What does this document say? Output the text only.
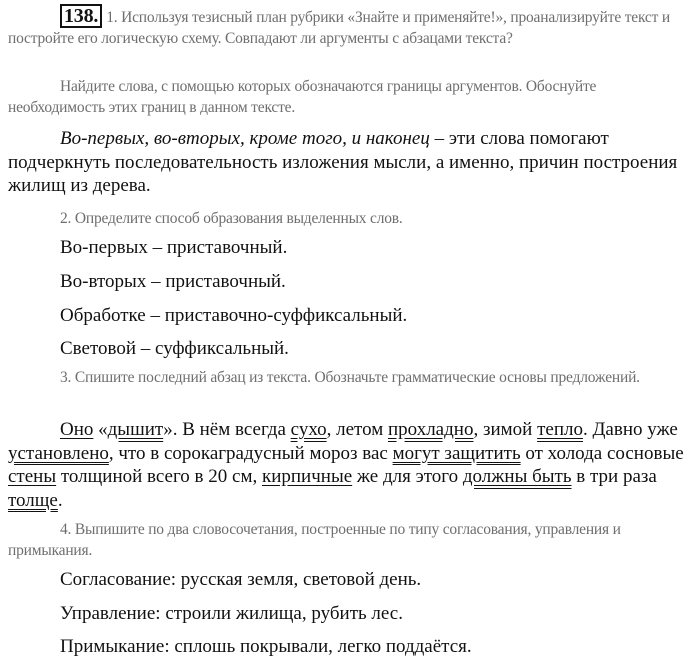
138. 1. Используя тезисный план рубрики «Знайте и применяйте!», проанализируйте текст и постройте его логическую схему. Совпадают ли аргументы с абзацами текста?
Найдите слова, с помощью которых обозначаются границы аргументов. Обоснуйте необходимость этих границ в данном тексте.
Во-первых, во-вторых, кроме того, и наконец – эти слова помогают подчеркнуть последовательность изложения мысли, а именно, причин построения жилищ из дерева.
2. Определите способ образования выделенных слов.
Во-первых – приставочный.
Во-вторых – приставочный.
Обработке – приставочно-суффиксальный.
Световой – суффиксальный.
3. Спишите последний абзац из текста. Обозначьте грамматические основы предложений.
Оно «дышит». В нём всегда сухо, летом прохладно, зимой тепло. Давно уже установлено, что в сорокаградусный мороз вас могут защитить от холода сосновые стены толщиной всего в 20 см, кирпичные же для этого должны быть в три раза толще.
4. Выпишите по два словосочетания, построенные по типу согласования, управления и примыкания.
Согласование: русская земля, световой день.
Управление: строили жилища, рубить лес.
Примыкание: сплошь покрывали, легко поддаётся.
